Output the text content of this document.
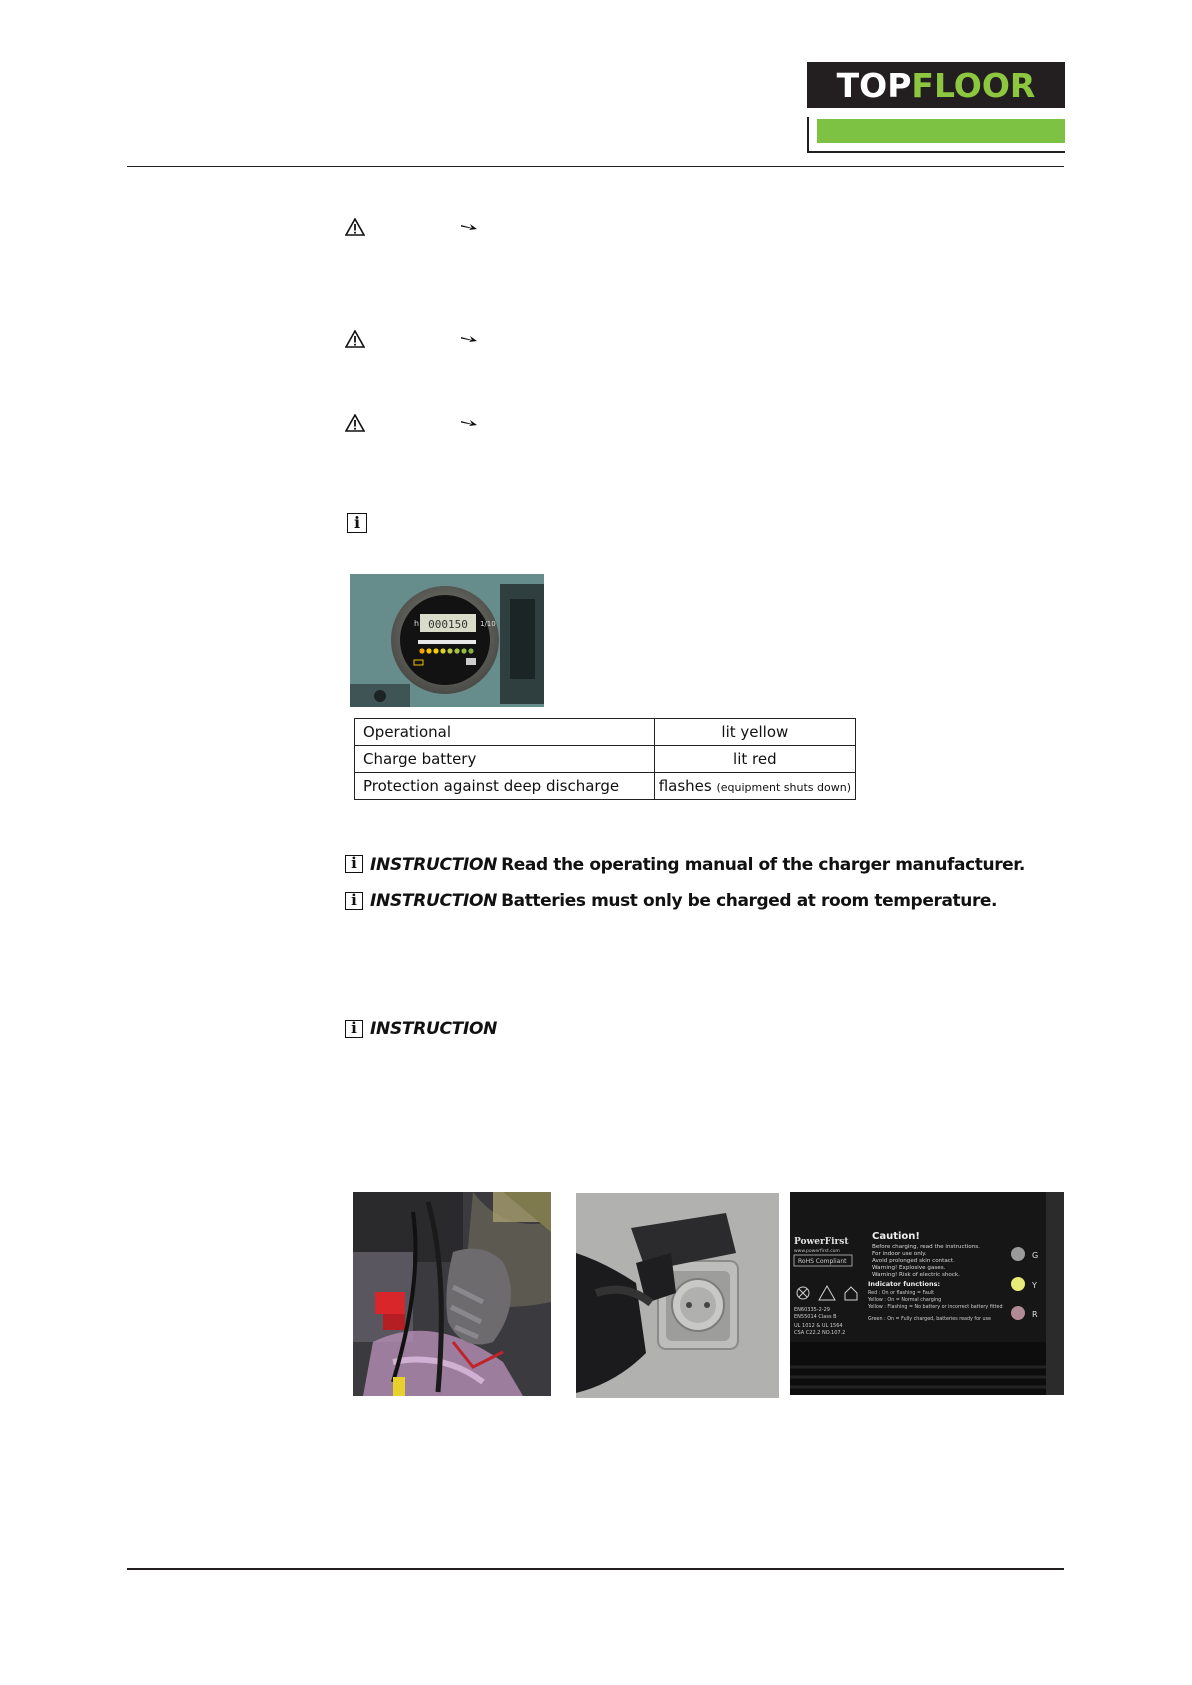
TOPFLOOR
i
000150
h	1/10
Operational	lit yellow
Charge battery	lit red
Protection against deep discharge	flashes (equipment shuts down)
i INSTRUCTION Read the operating manual of the charger manufacturer.
i INSTRUCTION Batteries must only be charged at room temperature.
i INSTRUCTION
PowerFirst
www.powerfirst.com
RoHS Compliant
EN60335-2-29
EN55014 Class B
UL 1012 & UL 1564
CSA C22.2 NO.107.2
Caution!
Before charging, read the instructions.
For indoor use only.
Avoid prolonged skin contact.
Warning! Explosive gases.
Warning! Risk of electric shock.
Indicator functions:
Red : On or flashing = Fault
Yellow : On = Normal charging
Yellow : Flashing = No battery or incorrect battery fitted
Green : On = Fully charged, batteries ready for use
G
Y
R
